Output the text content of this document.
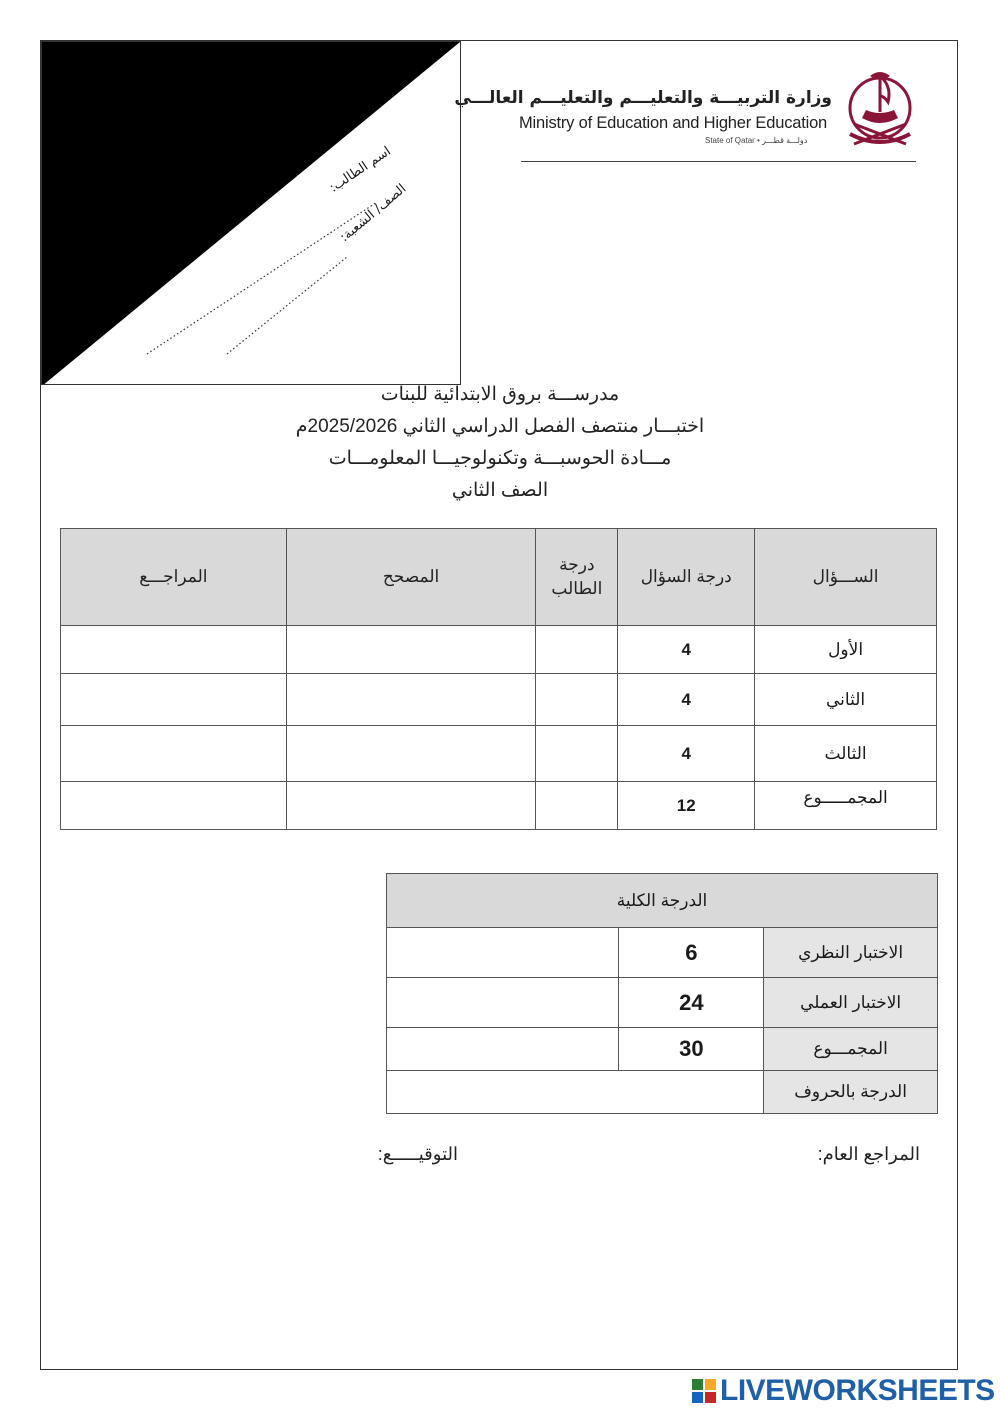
اسم الطالب:
الصف/ الشعبة:
وزارة التربيـــة والتعليـــم والتعليـــم العالـــي
Ministry of Education and Higher Education
State of Qatar • دولـــة قطـــر
مدرســـة بروق الابتدائية للبنات
اختبـــار منتصف الفصل الدراسي الثاني 2025/2026م
مـــادة الحوسبـــة وتكنولوجيـــا المعلومـــات
الصف الثاني
المراجـــع	المصحح	درجة الطالب	درجة السؤال	الســـؤال
			4	الأول
			4	الثاني
			4	الثالث
			12	المجمـــــوع
الدرجة الكلية		
	6	الاختبار النظري
	24	الاختبار العملي
	30	المجمـــوع
		الدرجة بالحروف
المراجع العام:
التوقيـــــع:
LIVEWORKSHEETS
